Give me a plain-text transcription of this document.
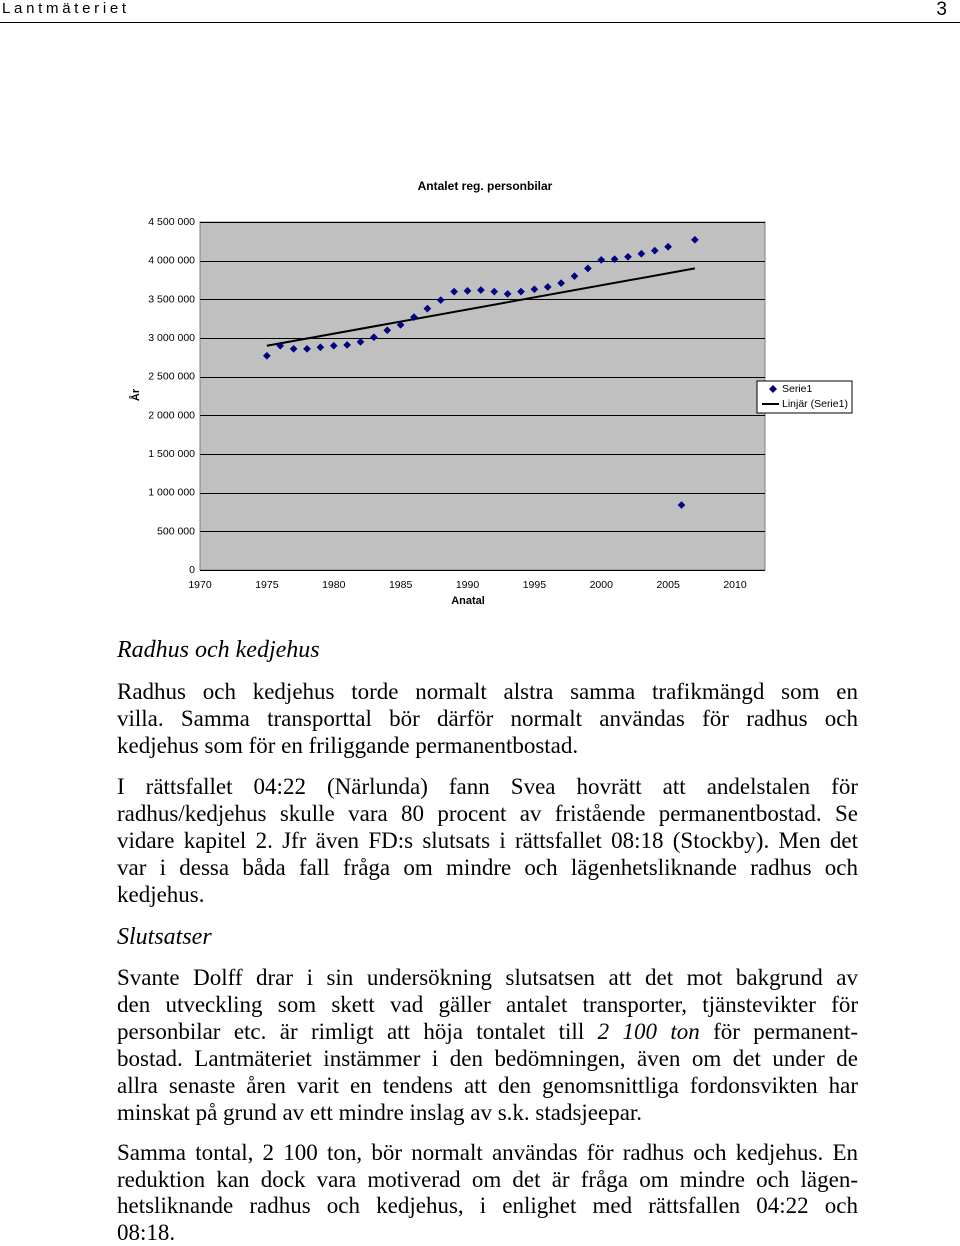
Lantmäteriet	3
Antalet reg. personbilar
0
500 000
1 000 000
1 500 000
2 000 000
2 500 000
3 000 000
3 500 000
4 000 000
4 500 000
1970	1975	1980	1985	1990	1995	2000	2005	2010
År
Anatal
Serie1
Linjär (Serie1)
Radhus och kedjehus
Radhus och kedjehus torde normalt alstra samma trafikmängd som en
villa. Samma transporttal bör därför normalt användas för radhus och
kedjehus som för en friliggande permanentbostad.
I rättsfallet 04:22 (Närlunda) fann Svea hovrätt att andelstalen för
radhus/kedjehus skulle vara 80 procent av fristående permanentbostad. Se
vidare kapitel 2. Jfr även FD:s slutsats i rättsfallet 08:18 (Stockby). Men det
var i dessa båda fall fråga om mindre och lägenhetsliknande radhus och
kedjehus.
Slutsatser
Svante Dolff drar i sin undersökning slutsatsen att det mot bakgrund av
den utveckling som skett vad gäller antalet transporter, tjänstevikter för
personbilar etc. är rimligt att höja tontalet till 2 100 ton för permanent-
bostad. Lantmäteriet instämmer i den bedömningen, även om det under de
allra senaste åren varit en tendens att den genomsnittliga fordonsvikten har
minskat på grund av ett mindre inslag av s.k. stadsjeepar.
Samma tontal, 2 100 ton, bör normalt användas för radhus och kedjehus. En
reduktion kan dock vara motiverad om det är fråga om mindre och lägen-
hetsliknande radhus och kedjehus, i enlighet med rättsfallen 04:22 och
08:18.
